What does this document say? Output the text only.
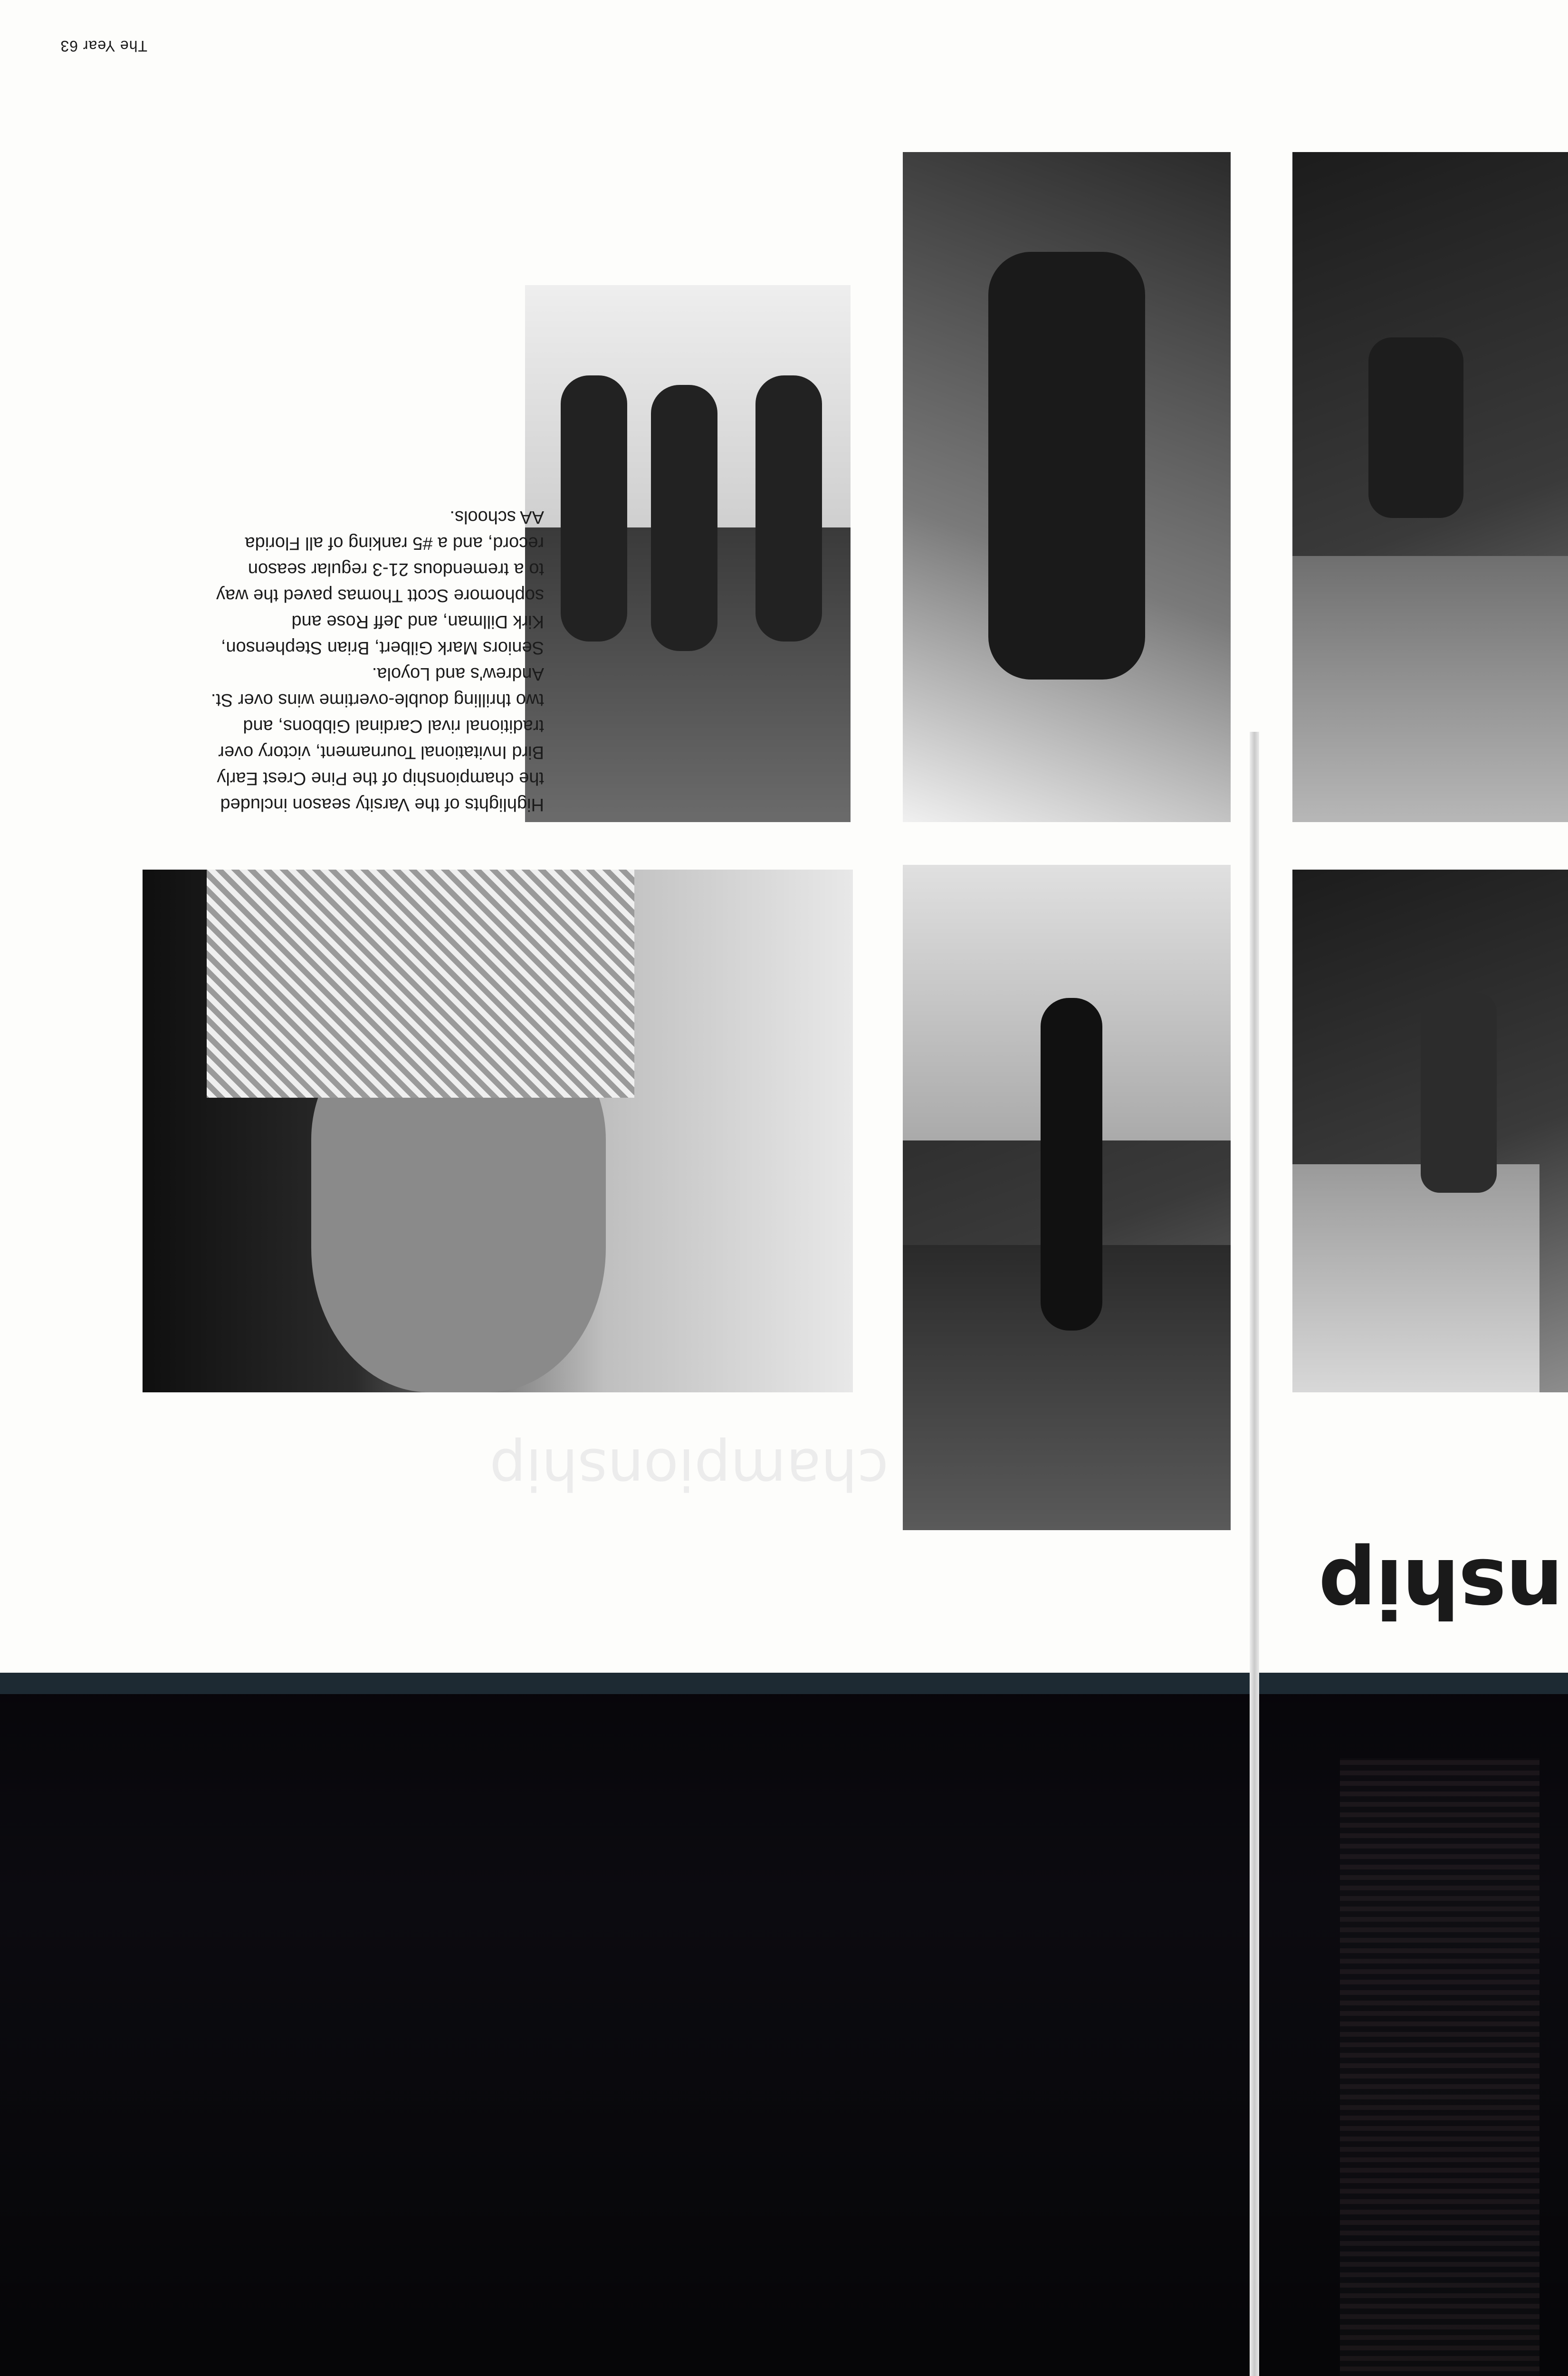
nship
championship
Highlights of the Varsity season included
the championship of the Pine Crest Early
Bird Invitational Tournament, victory over
traditional rival Cardinal Gibbons, and
two thrilling double-overtime wins over St.
Andrew's and Loyola.
Seniors Mark Gilbert, Brian Stephenson,
Kirk Dillman, and Jeff Rose and
sophomore Scott Thomas paved the way
to a tremendous 21-3 regular season
record, and a #5 ranking of all Florida
AA schools.
The Year 63
